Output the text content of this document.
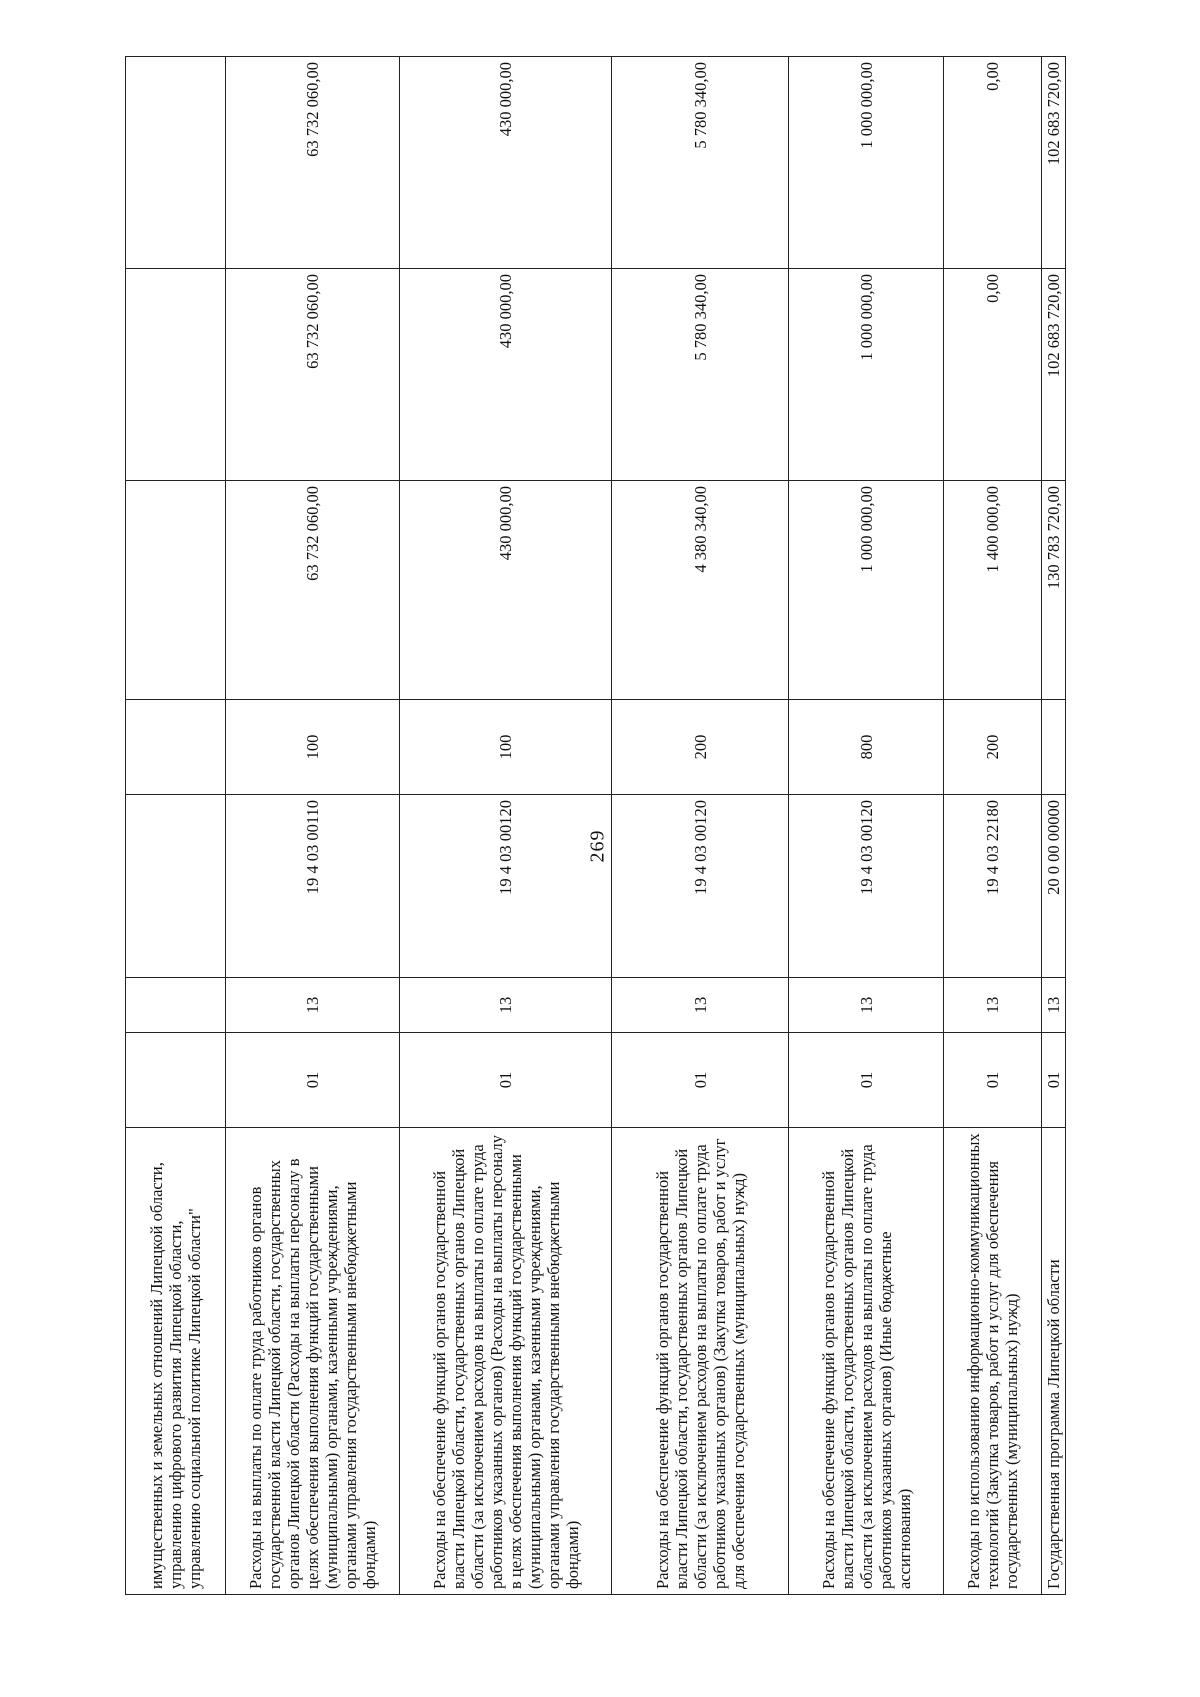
269
имущественных и земельных отношений Липецкой области, управлению цифрового развития Липецкой области, управлению социальной политике Липецкой области"							
Расходы на выплаты по оплате труда работников органов государственной власти Липецкой области, государственных органов Липецкой области (Расходы на выплаты персоналу в целях обеспечения выполнения функций государственными (муниципальными) органами, казенными учреждениями, органами управления государственными внебюджетными фондами)	01	13	19 4 03 00110	100	63 732 060,00	63 732 060,00	63 732 060,00
Расходы на обеспечение функций органов государственной власти Липецкой области, государственных органов Липецкой области (за исключением расходов на выплаты по оплате труда работников указанных органов) (Расходы на выплаты персоналу в целях обеспечения выполнения функций государственными (муниципальными) органами, казенными учреждениями, органами управления государственными внебюджетными фондами)	01	13	19 4 03 00120	100	430 000,00	430 000,00	430 000,00
Расходы на обеспечение функций органов государственной власти Липецкой области, государственных органов Липецкой области (за исключением расходов на выплаты по оплате труда работников указанных органов) (Закупка товаров, работ и услуг для обеспечения государственных (муниципальных) нужд)	01	13	19 4 03 00120	200	4 380 340,00	5 780 340,00	5 780 340,00
Расходы на обеспечение функций органов государственной власти Липецкой области, государственных органов Липецкой области (за исключением расходов на выплаты по оплате труда работников указанных органов) (Иные бюджетные ассигнования)	01	13	19 4 03 00120	800	1 000 000,00	1 000 000,00	1 000 000,00
Расходы по использованию информационно-коммуникационных технологий (Закупка товаров, работ и услуг для обеспечения государственных (муниципальных) нужд)	01	13	19 4 03 22180	200	1 400 000,00	0,00	0,00
Государственная программа Липецкой области	01	13	20 0 00 00000		130 783 720,00	102 683 720,00	102 683 720,00
